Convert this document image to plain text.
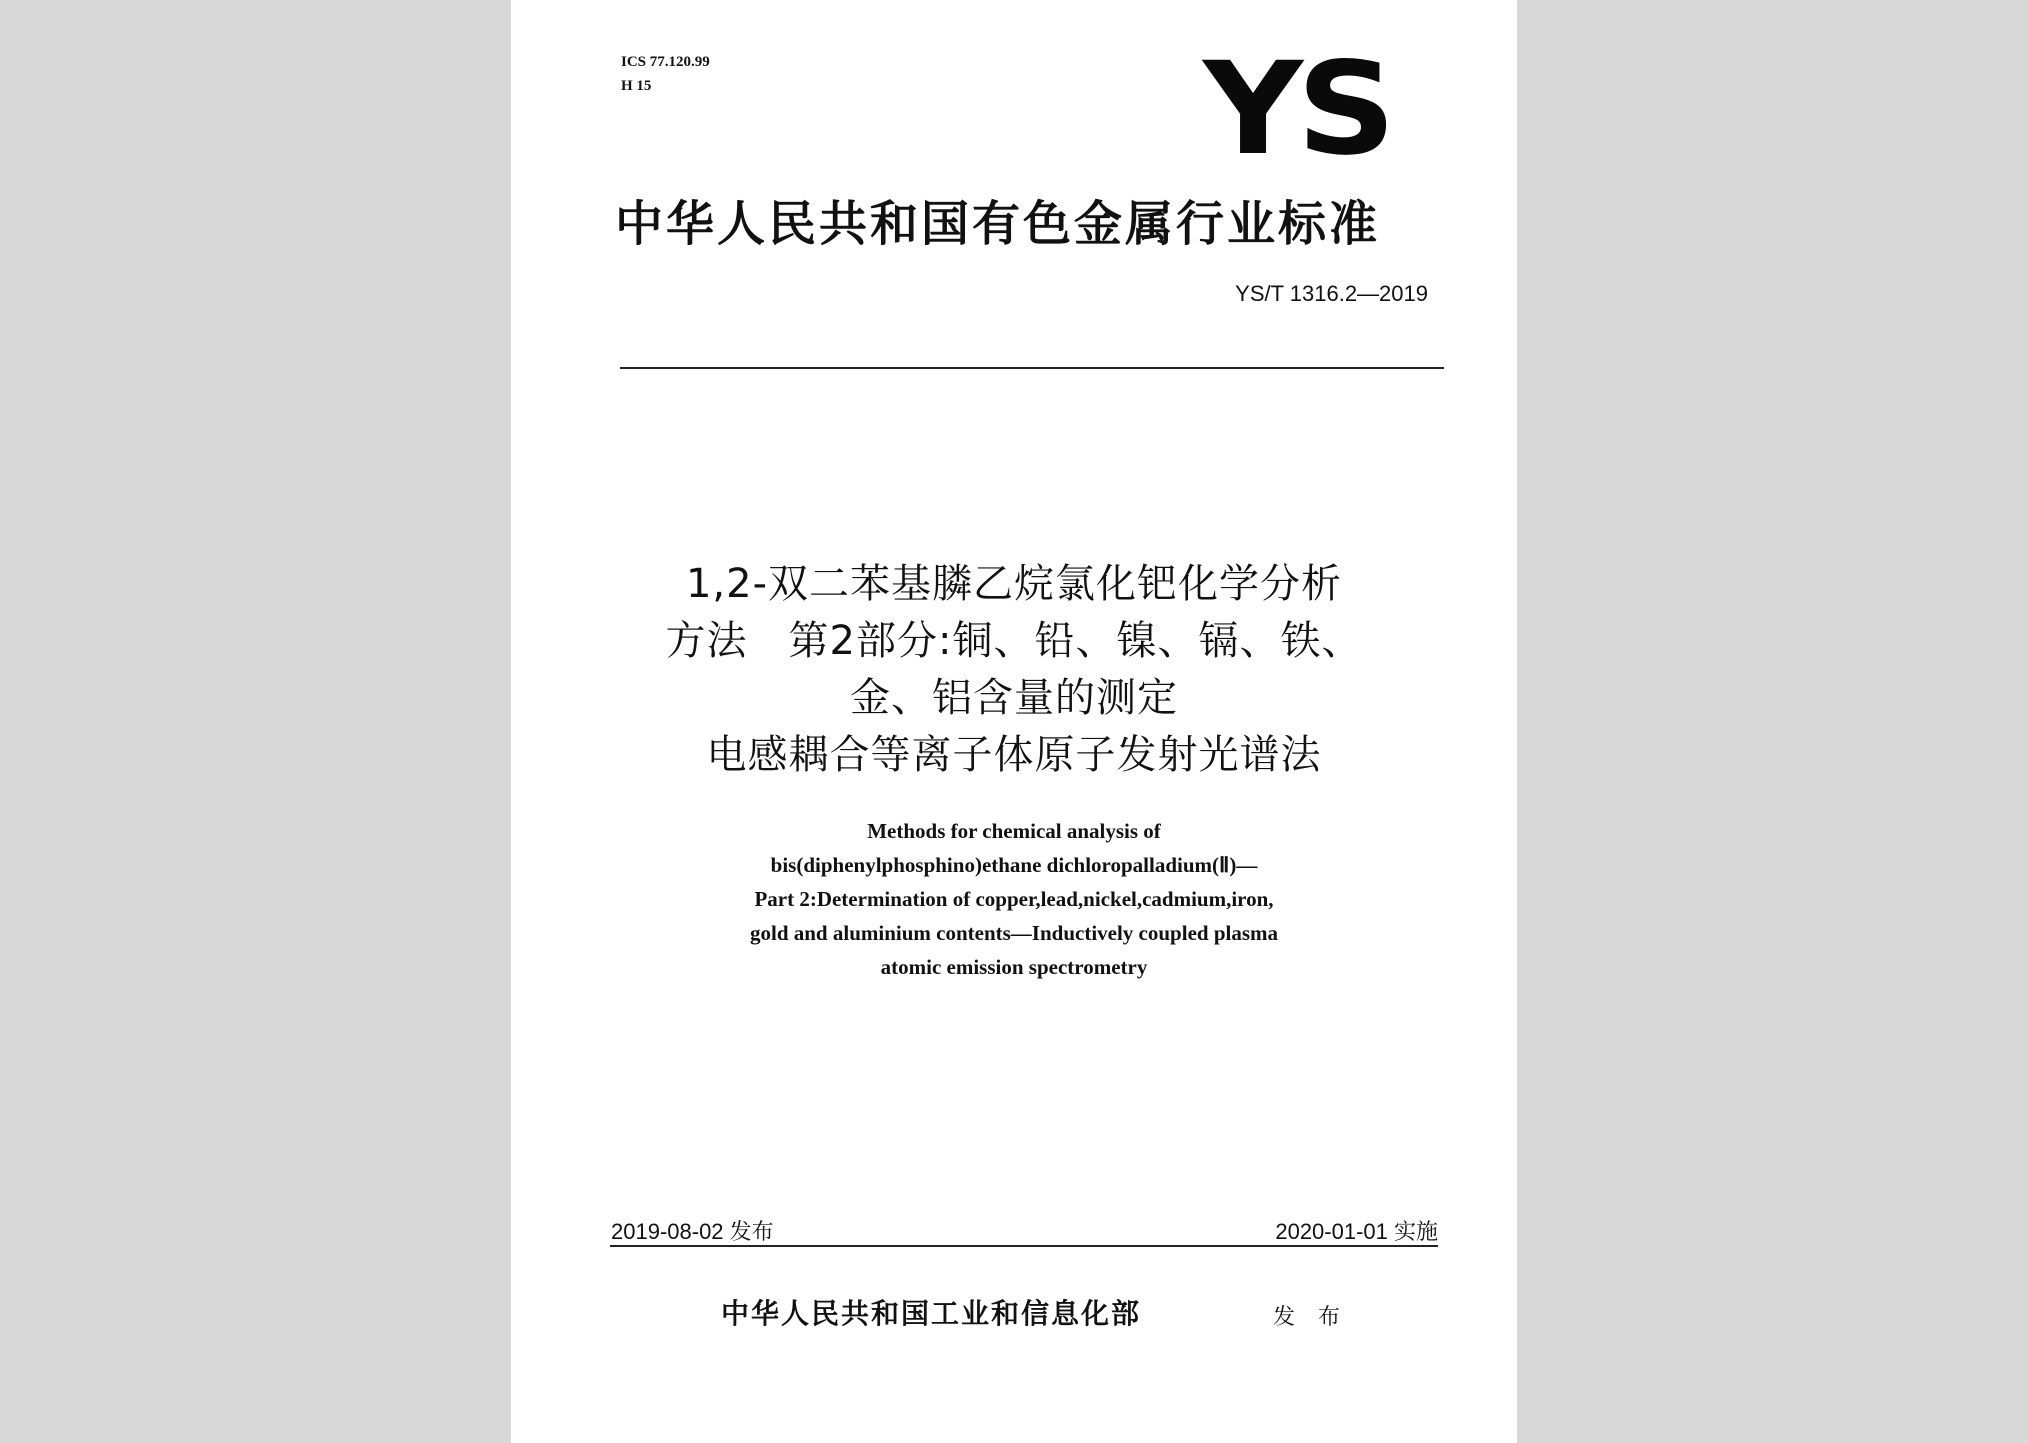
ICS 77.120.99
H 15	YS
中华人民共和国有色金属行业标准
YS/T 1316.2—2019
1,2-双二苯基膦乙烷氯化钯化学分析
方法　第2部分:铜、铅、镍、镉、铁、
金、铝含量的测定
电感耦合等离子体原子发射光谱法
Methods for chemical analysis of
bis(diphenylphosphino)ethane dichloropalladium(Ⅱ)—
Part 2:Determination of copper,lead,nickel,cadmium,iron,
gold and aluminium contents—Inductively coupled plasma
atomic emission spectrometry
2019-08-02 发布	2020-01-01 实施
中华人民共和国工业和信息化部	发 布
